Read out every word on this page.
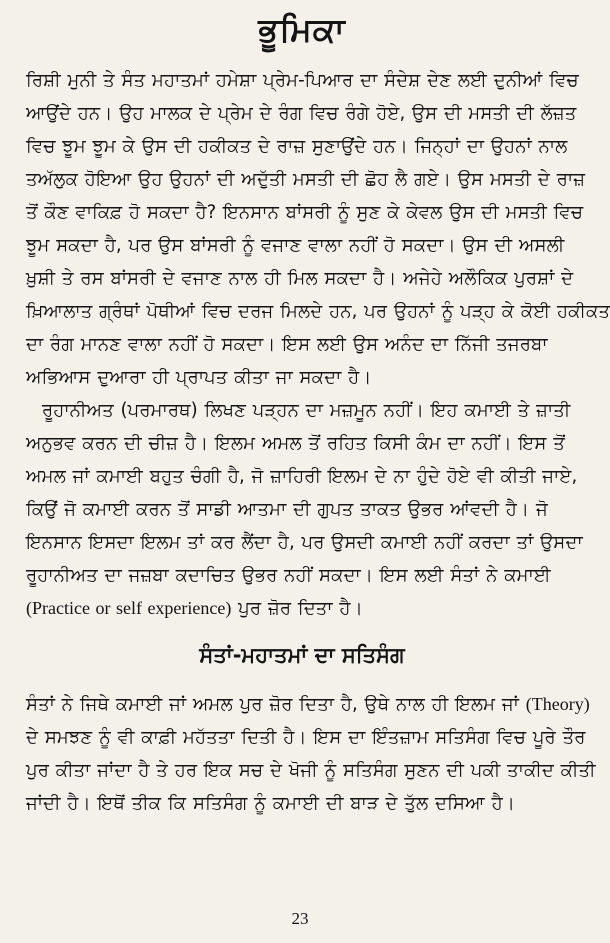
ਭੂਮਿਕਾ
ਰਿਸ਼ੀ ਮੁਨੀ ਤੇ ਸੰਤ ਮਹਾਤਮਾਂ ਹਮੇਸ਼ਾ ਪ੍ਰੇਮ-ਪਿਆਰ ਦਾ ਸੰਦੇਸ਼ ਦੇਣ ਲਈ ਦੁਨੀਆਂ ਵਿਚ
ਆਉਂਦੇ ਹਨ। ਉਹ ਮਾਲਕ ਦੇ ਪ੍ਰੇਮ ਦੇ ਰੰਗ ਵਿਚ ਰੰਗੇ ਹੋਏ, ਉਸ ਦੀ ਮਸਤੀ ਦੀ ਲੱਜ਼ਤ
ਵਿਚ ਝੂਮ ਝੂਮ ਕੇ ਉਸ ਦੀ ਹਕੀਕਤ ਦੇ ਰਾਜ਼ ਸੁਣਾਉਂਦੇ ਹਨ। ਜਿਨ੍ਹਾਂ ਦਾ ਉਹਨਾਂ ਨਾਲ
ਤਅੱਲੁਕ ਹੋਇਆ ਉਹ ਉਹਨਾਂ ਦੀ ਅਦੁੱਤੀ ਮਸਤੀ ਦੀ ਛੋਹ ਲੈ ਗਏ। ਉਸ ਮਸਤੀ ਦੇ ਰਾਜ਼
ਤੋਂ ਕੌਣ ਵਾਕਿਫ਼ ਹੋ ਸਕਦਾ ਹੈ? ਇਨਸਾਨ ਬਾਂਸਰੀ ਨੂੰ ਸੁਣ ਕੇ ਕੇਵਲ ਉਸ ਦੀ ਮਸਤੀ ਵਿਚ
ਝੂਮ ਸਕਦਾ ਹੈ, ਪਰ ਉਸ ਬਾਂਸਰੀ ਨੂੰ ਵਜਾਣ ਵਾਲਾ ਨਹੀਂ ਹੋ ਸਕਦਾ। ਉਸ ਦੀ ਅਸਲੀ
ਖ਼ੁਸ਼ੀ ਤੇ ਰਸ ਬਾਂਸਰੀ ਦੇ ਵਜਾਣ ਨਾਲ ਹੀ ਮਿਲ ਸਕਦਾ ਹੈ। ਅਜੇਹੇ ਅਲੌਕਿਕ ਪੁਰਸ਼ਾਂ ਦੇ
ਖ਼ਿਆਲਾਤ ਗ੍ਰੰਥਾਂ ਪੋਥੀਆਂ ਵਿਚ ਦਰਜ ਮਿਲਦੇ ਹਨ, ਪਰ ਉਹਨਾਂ ਨੂੰ ਪੜ੍ਹ ਕੇ ਕੋਈ ਹਕੀਕਤ
ਦਾ ਰੰਗ ਮਾਨਣ ਵਾਲਾ ਨਹੀਂ ਹੋ ਸਕਦਾ। ਇਸ ਲਈ ਉਸ ਅਨੰਦ ਦਾ ਨਿੱਜੀ ਤਜਰਬਾ
ਅਭਿਆਸ ਦੁਆਰਾ ਹੀ ਪ੍ਰਾਪਤ ਕੀਤਾ ਜਾ ਸਕਦਾ ਹੈ।
ਰੂਹਾਨੀਅਤ (ਪਰਮਾਰਥ) ਲਿਖਣ ਪੜ੍ਹਨ ਦਾ ਮਜ਼ਮੂਨ ਨਹੀਂ। ਇਹ ਕਮਾਈ ਤੇ ਜ਼ਾਤੀ
ਅਨੁਭਵ ਕਰਨ ਦੀ ਚੀਜ਼ ਹੈ। ਇਲਮ ਅਮਲ ਤੋਂ ਰਹਿਤ ਕਿਸੀ ਕੰਮ ਦਾ ਨਹੀਂ। ਇਸ ਤੋਂ
ਅਮਲ ਜਾਂ ਕਮਾਈ ਬਹੁਤ ਚੰਗੀ ਹੈ, ਜੋ ਜ਼ਾਹਿਰੀ ਇਲਮ ਦੇ ਨਾ ਹੁੰਦੇ ਹੋਏ ਵੀ ਕੀਤੀ ਜਾਏ,
ਕਿਉਂ ਜੋ ਕਮਾਈ ਕਰਨ ਤੋਂ ਸਾਡੀ ਆਤਮਾ ਦੀ ਗੁਪਤ ਤਾਕਤ ਉਭਰ ਆਂਵਦੀ ਹੈ। ਜੋ
ਇਨਸਾਨ ਇਸਦਾ ਇਲਮ ਤਾਂ ਕਰ ਲੈਂਦਾ ਹੈ, ਪਰ ਉਸਦੀ ਕਮਾਈ ਨਹੀਂ ਕਰਦਾ ਤਾਂ ਉਸਦਾ
ਰੂਹਾਨੀਅਤ ਦਾ ਜਜ਼ਬਾ ਕਦਾਚਿਤ ਉਭਰ ਨਹੀਂ ਸਕਦਾ। ਇਸ ਲਈ ਸੰਤਾਂ ਨੇ ਕਮਾਈ
(Practice or self experience) ਪੁਰ ਜ਼ੋਰ ਦਿਤਾ ਹੈ।
ਸੰਤਾਂ-ਮਹਾਤਮਾਂ ਦਾ ਸਤਿਸੰਗ
ਸੰਤਾਂ ਨੇ ਜਿਥੇ ਕਮਾਈ ਜਾਂ ਅਮਲ ਪੁਰ ਜ਼ੋਰ ਦਿਤਾ ਹੈ, ਉਥੇ ਨਾਲ ਹੀ ਇਲਮ ਜਾਂ (Theory)
ਦੇ ਸਮਝਣ ਨੂੰ ਵੀ ਕਾਫ਼ੀ ਮਹੱਤਤਾ ਦਿਤੀ ਹੈ। ਇਸ ਦਾ ਇੰਤਜ਼ਾਮ ਸਤਿਸੰਗ ਵਿਚ ਪੂਰੇ ਤੌਰ
ਪੁਰ ਕੀਤਾ ਜਾਂਦਾ ਹੈ ਤੇ ਹਰ ਇਕ ਸਚ ਦੇ ਖੋਜੀ ਨੂੰ ਸਤਿਸੰਗ ਸੁਣਨ ਦੀ ਪਕੀ ਤਾਕੀਦ ਕੀਤੀ
ਜਾਂਦੀ ਹੈ। ਇਥੋਂ ਤੀਕ ਕਿ ਸਤਿਸੰਗ ਨੂੰ ਕਮਾਈ ਦੀ ਬਾੜ ਦੇ ਤੁੱਲ ਦਸਿਆ ਹੈ।
23
